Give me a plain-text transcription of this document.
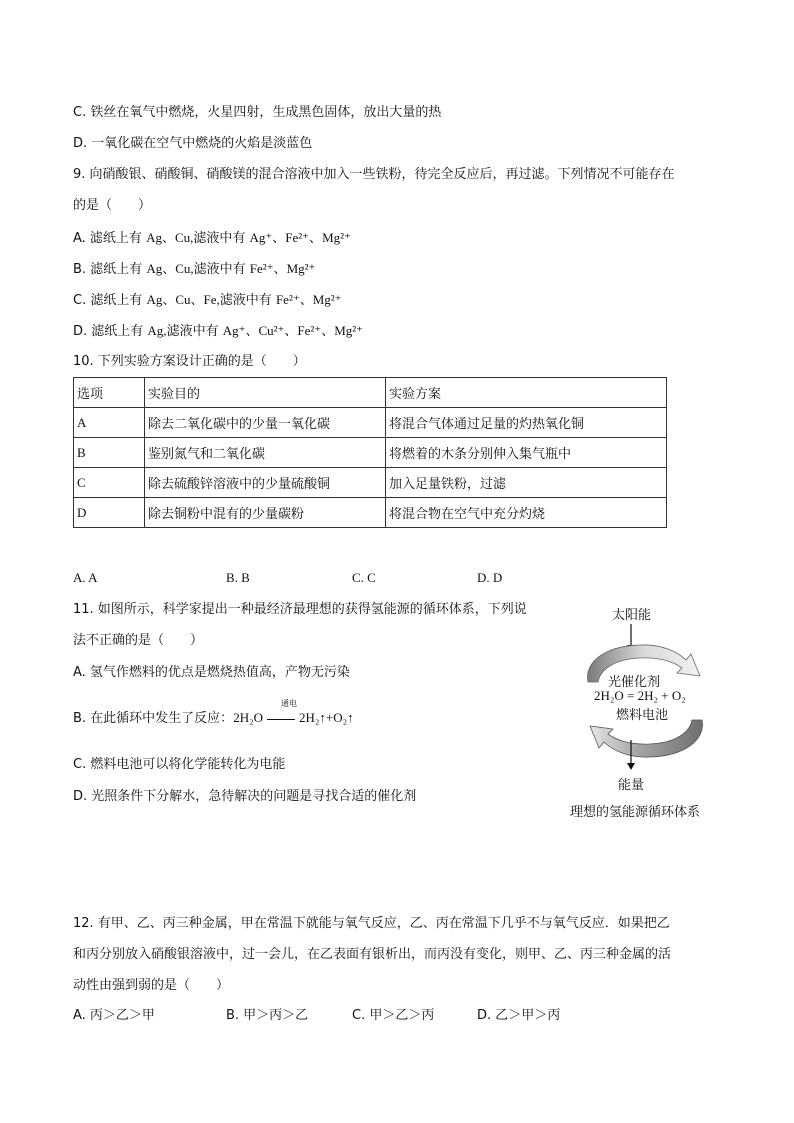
C. 铁丝在氧气中燃烧，火星四射，生成黑色固体，放出大量的热
D. 一氧化碳在空气中燃烧的火焰是淡蓝色
9. 向硝酸银、硝酸铜、硝酸镁的混合溶液中加入一些铁粉，待完全反应后，再过滤。下列情况不可能存在
的是（　　）
A. 滤纸上有 Ag、Cu,滤液中有 Ag⁺、Fe²⁺、Mg²⁺
B. 滤纸上有 Ag、Cu,滤液中有 Fe²⁺、Mg²⁺
C. 滤纸上有 Ag、Cu、Fe,滤液中有 Fe²⁺、Mg²⁺
D. 滤纸上有 Ag,滤液中有 Ag⁺、Cu²⁺、Fe²⁺、Mg²⁺
10. 下列实验方案设计正确的是（　　）
选项	实验目的	实验方案
A	除去二氧化碳中的少量一氧化碳	将混合气体通过足量的灼热氧化铜
B	鉴别氮气和二氧化碳	将燃着的木条分别伸入集气瓶中
C	除去硫酸锌溶液中的少量硫酸铜	加入足量铁粉，过滤
D	除去铜粉中混有的少量碳粉	将混合物在空气中充分灼烧
A. A	B. B	C. C	D. D
11. 如图所示，科学家提出一种最经济最理想的获得氢能源的循环体系，下列说
法不正确的是（　　）
A. 氢气作燃料的优点是燃烧热值高，产物无污染
B. 在此循环中发生了反应：2H₂O	2H₂↑+O₂↑
通电
C. 燃料电池可以将化学能转化为电能
D. 光照条件下分解水，急待解决的问题是寻找合适的催化剂
太阳能
光催化剂
2H₂O = 2H₂ + O₂
燃料电池
能量
理想的氢能源循环体系
12. 有甲、乙、丙三种金属，甲在常温下就能与氧气反应，乙、丙在常温下几乎不与氧气反应．如果把乙
和丙分别放入硝酸银溶液中，过一会儿，在乙表面有银析出，而丙没有变化，则甲、乙、丙三种金属的活
动性由强到弱的是（　　）
A. 丙＞乙＞甲	B. 甲＞丙＞乙	C. 甲＞乙＞丙	D. 乙＞甲＞丙
